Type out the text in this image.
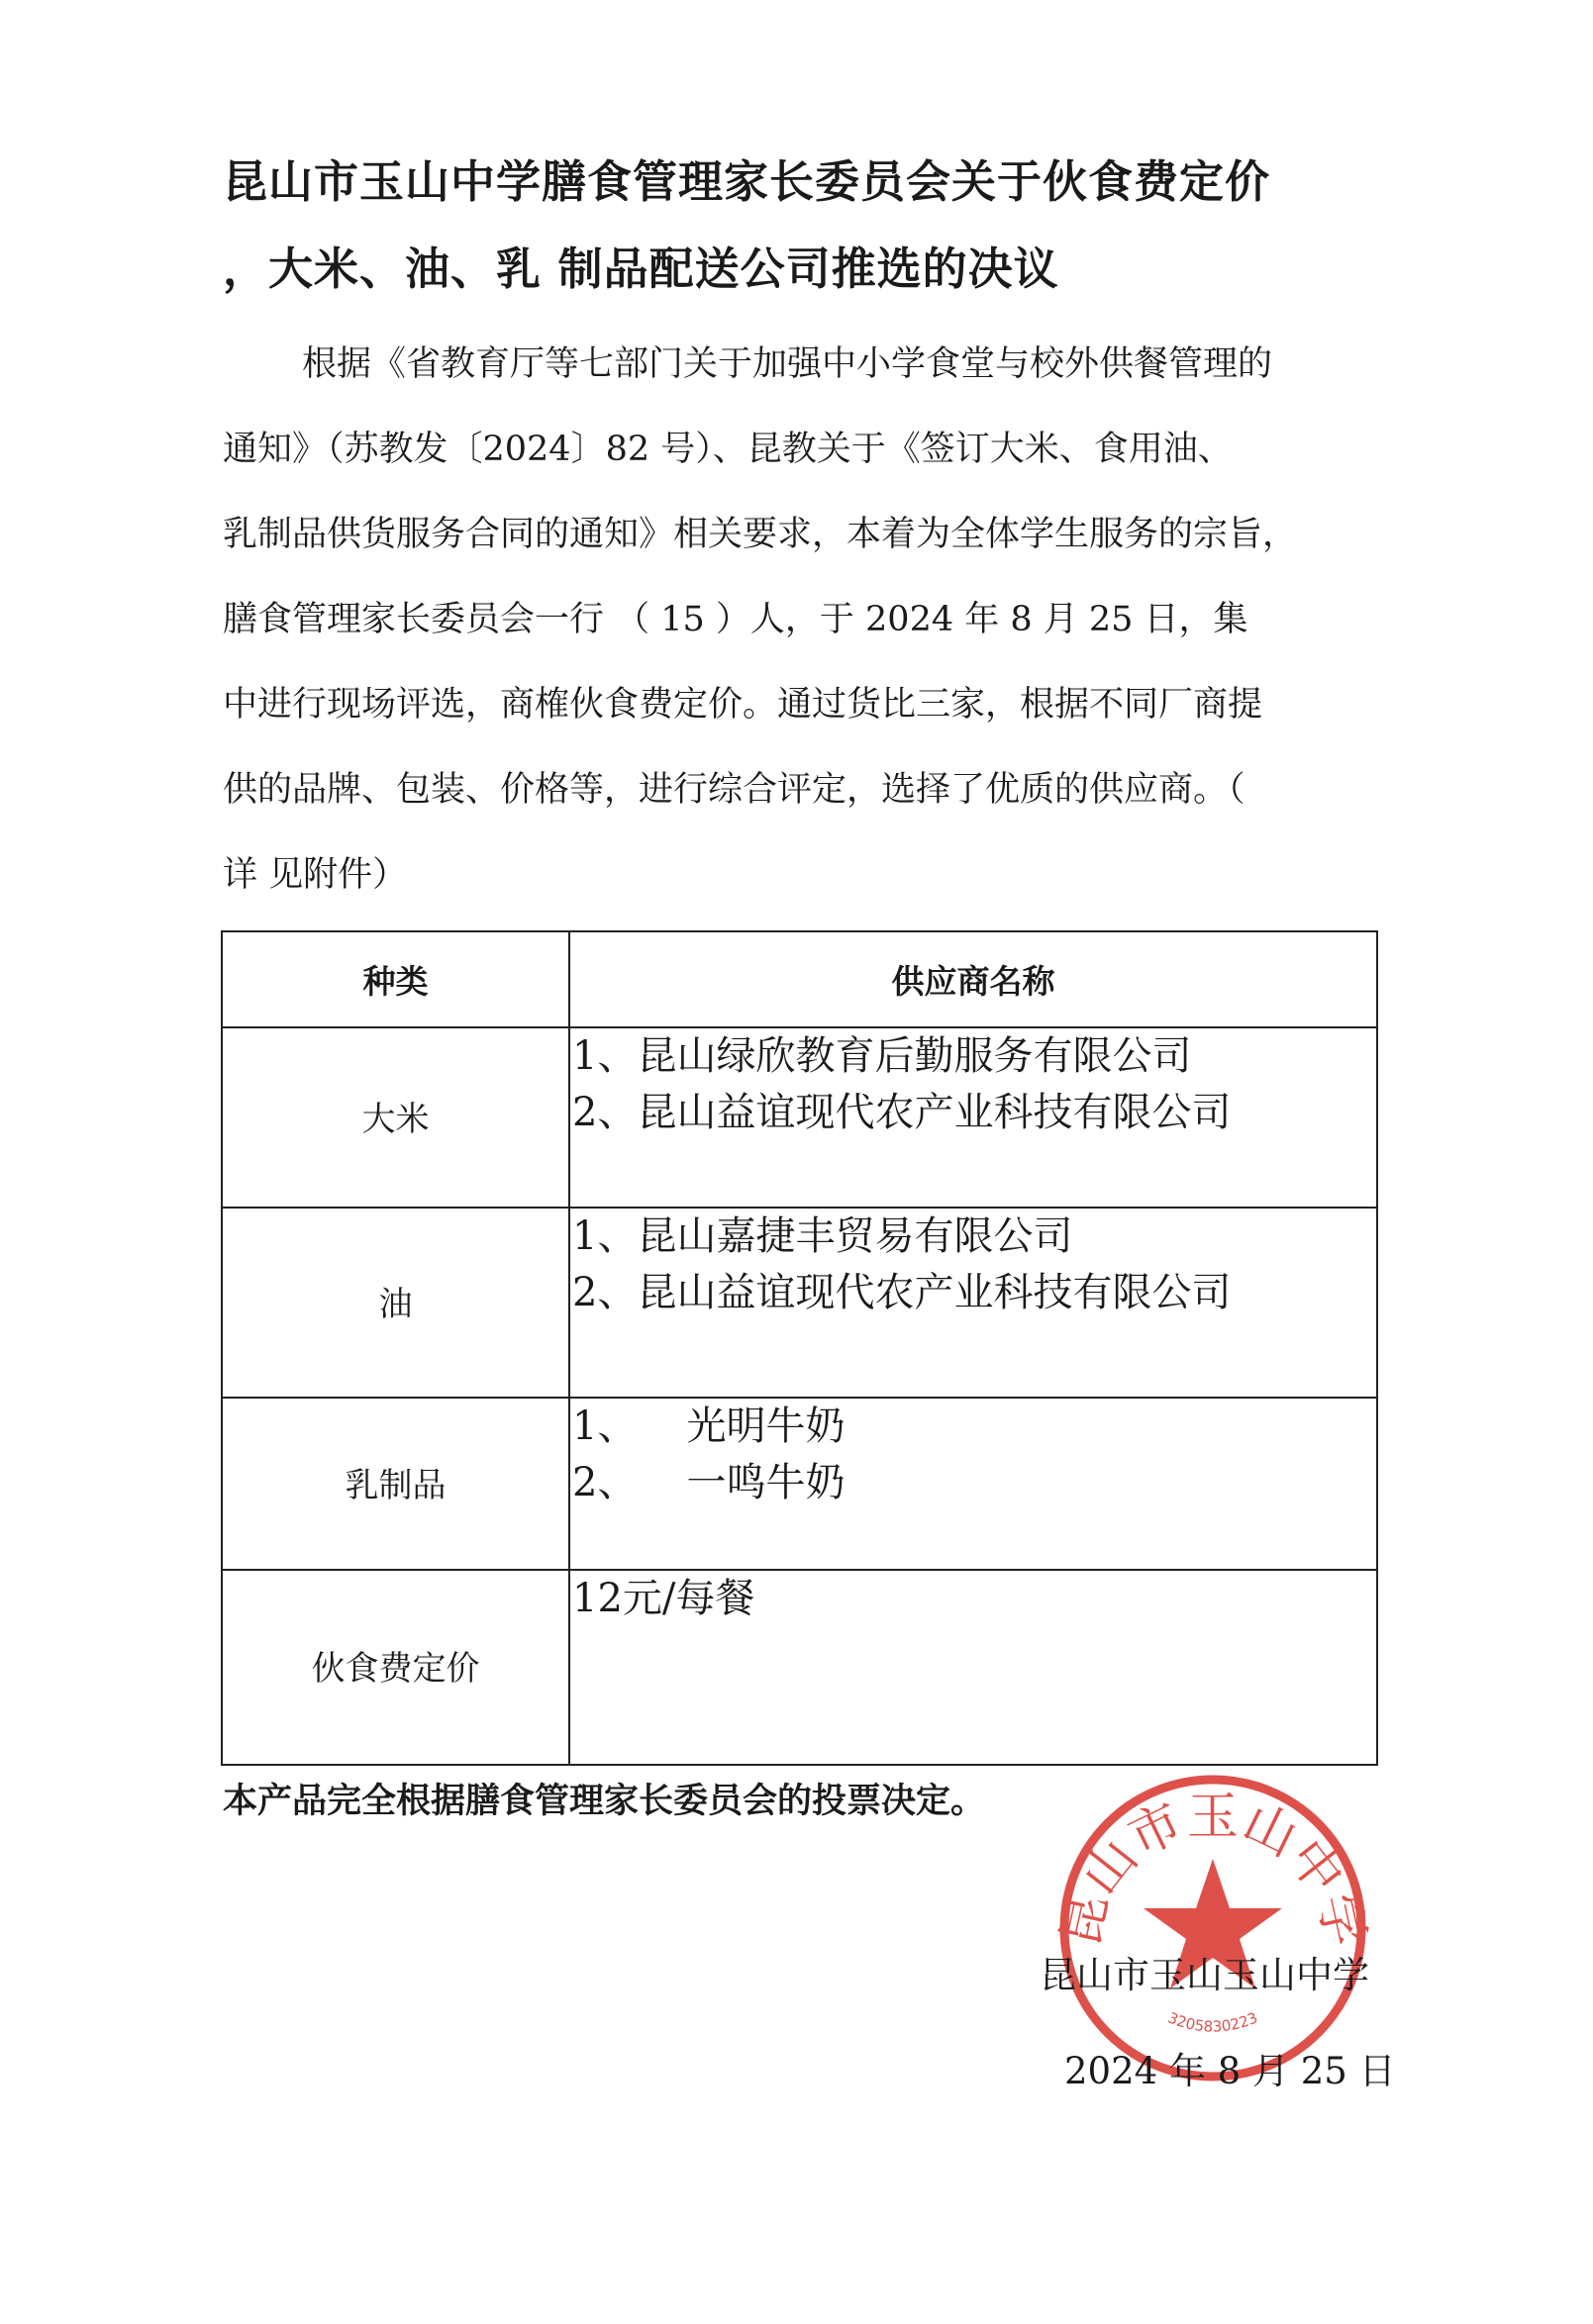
昆山市玉山中学膳食管理家长委员会关于伙食费定价
，大米、油、乳 制品配送公司推选的决议
根据《省教育厅等七部门关于加强中小学食堂与校外供餐管理的
通知》（苏教发〔2024〕82 号）、昆教关于《签订大米、食用油、
乳制品供货服务合同的通知》相关要求，本着为全体学生服务的宗旨，
膳食管理家长委员会一行 （ 15 ）人，于 2024 年 8 月 25 日，集
中进行现场评选，商榷伙食费定价。通过货比三家，根据不同厂商提
供的品牌、包装、价格等，进行综合评定，选择了优质的供应商。（
详 见附件）
种类	供应商名称
大米	1、昆山绿欣教育后勤服务有限公司
2、昆山益谊现代农产业科技有限公司

油	1、昆山嘉捷丰贸易有限公司
2、昆山益谊现代农产业科技有限公司

乳制品	1、 光明牛奶
2、 一鸣牛奶

伙食费定价	12元/每餐
本产品完全根据膳食管理家长委员会的投票决定。
昆山市玉山中学
3205830223
昆山市玉山玉山中学
2024 年 8 月 25 日
